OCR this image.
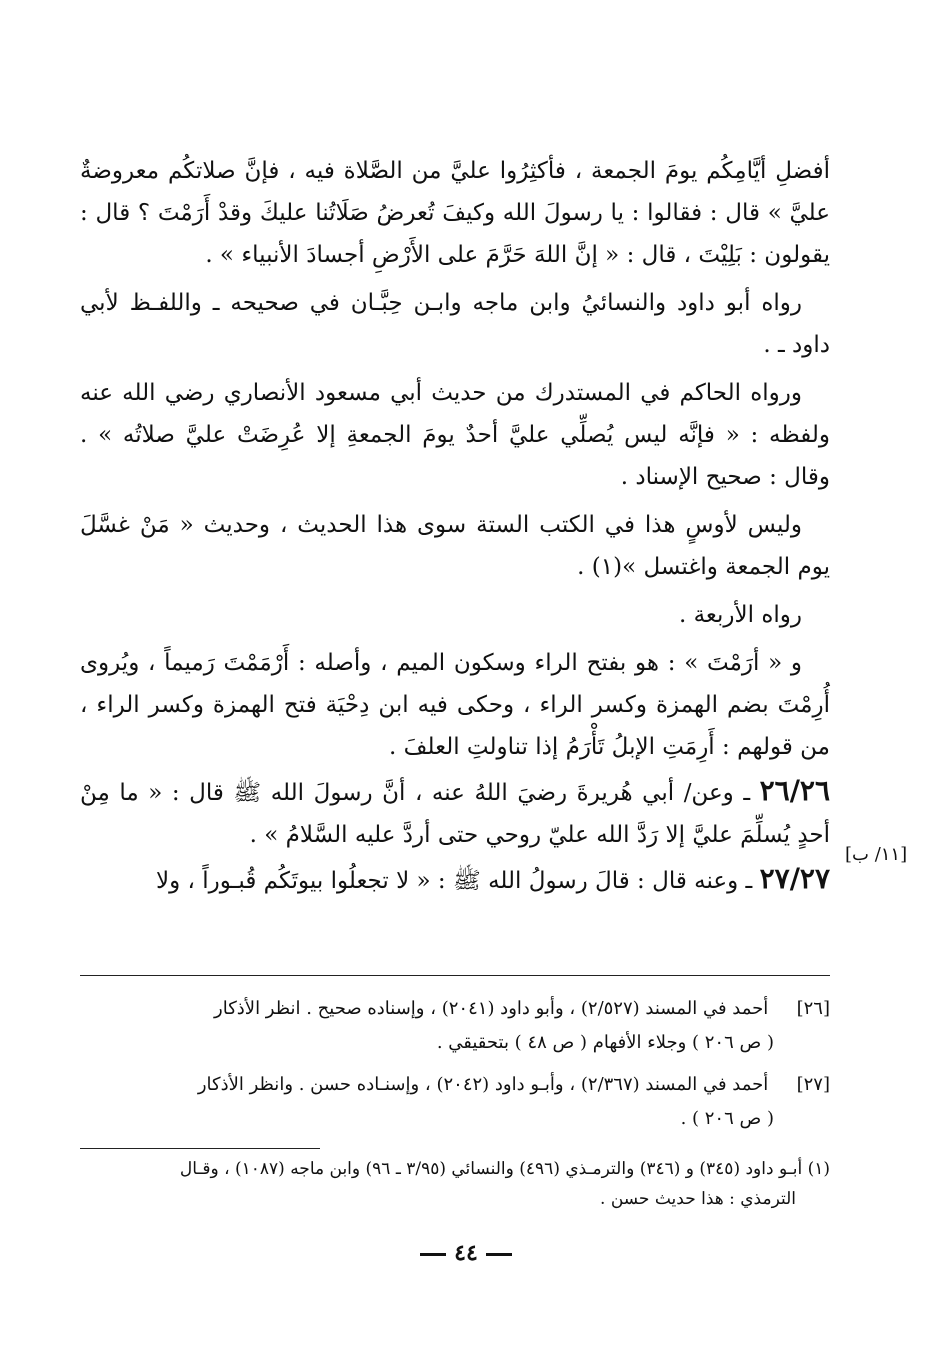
أفضلِ أيَّامِكُم يومَ الجمعة ، فأكثِرُوا عليَّ من الصَّلاة فيه ، فإنَّ صلاتكُم معروضةٌ عليَّ » قال : فقالوا : يا رسولَ الله وكيفَ تُعرضُ صَلَاتُنا عليكَ وقدْ أَرَمْتَ ؟ قال : يقولون : بَلِيْتَ ، قال : « إنَّ اللهَ حَرَّمَ على الأَرْضِ أجسادَ الأنبياء » .

رواه أبو داود والنسائيُ وابن ماجه وابـن حِبَّـان في صحيحه ـ واللفـظ لأبي داود ـ .

ورواه الحاكم في المستدرك من حديث أبي مسعود الأنصاري رضي الله عنه ولفظه : « فإنَّه ليس يُصلِّي عليَّ أحدٌ يومَ الجمعةِ إلا عُرِضَتْ عليَّ صلاتُه » . وقال : صحيح الإسناد .

وليس لأوسٍ هذا في الكتب الستة سوى هذا الحديث ، وحديث « مَنْ غسَّلَ يوم الجمعة واغتسل »(١) .

رواه الأربعة .

و « أرَمْتَ » : هو بفتح الراء وسكون الميم ، وأصله : أَرْمَمْتَ رَميماً ، ويُروى أُرِمْتَ بضم الهمزة وكسر الراء ، وحكى فيه ابن دِحْيَة فتح الهمزة وكسر الراء ، من قولهم : أَرِمَتِ الإبلُ تَأْرَمُ إذا تناولتِ العلفَ .

٢٦/٢٦ ـ وعن/ أبي هُريرةَ رضيَ اللهُ عنه ، أنَّ رسولَ الله ﷺ قال : « ما مِنْ أحدٍ يُسلِّمَ عليَّ إلا رَدَّ الله عليّ روحي حتى أردَّ عليه السَّلامُ » .

٢٧/٢٧ ـ وعنه قال : قالَ رسولُ الله ﷺ : « لا تجعلُوا بيوتَكُم قُبـوراً ، ولا

[١١/ ب]
[٢٦] أحمد في المسند (٢/٥٢٧) ، وأبو داود (٢٠٤١) ، وإسناده صحيح . انظر الأذكار
( ص ٢٠٦ ) وجلاء الأفهام ( ص ٤٨ ) بتحقيقي .
[٢٧] أحمد في المسند (٢/٣٦٧) ، وأبـو داود (٢٠٤٢) ، وإسنـاده حسن . وانظر الأذكار
( ص ٢٠٦ ) .
(١) أبـو داود (٣٤٥) و (٣٤٦) والترمـذي (٤٩٦) والنسائي (٣/٩٥ ـ ٩٦) وابن ماجه (١٠٨٧) ، وقـال
الترمذي : هذا حديث حسن .
٤٤
